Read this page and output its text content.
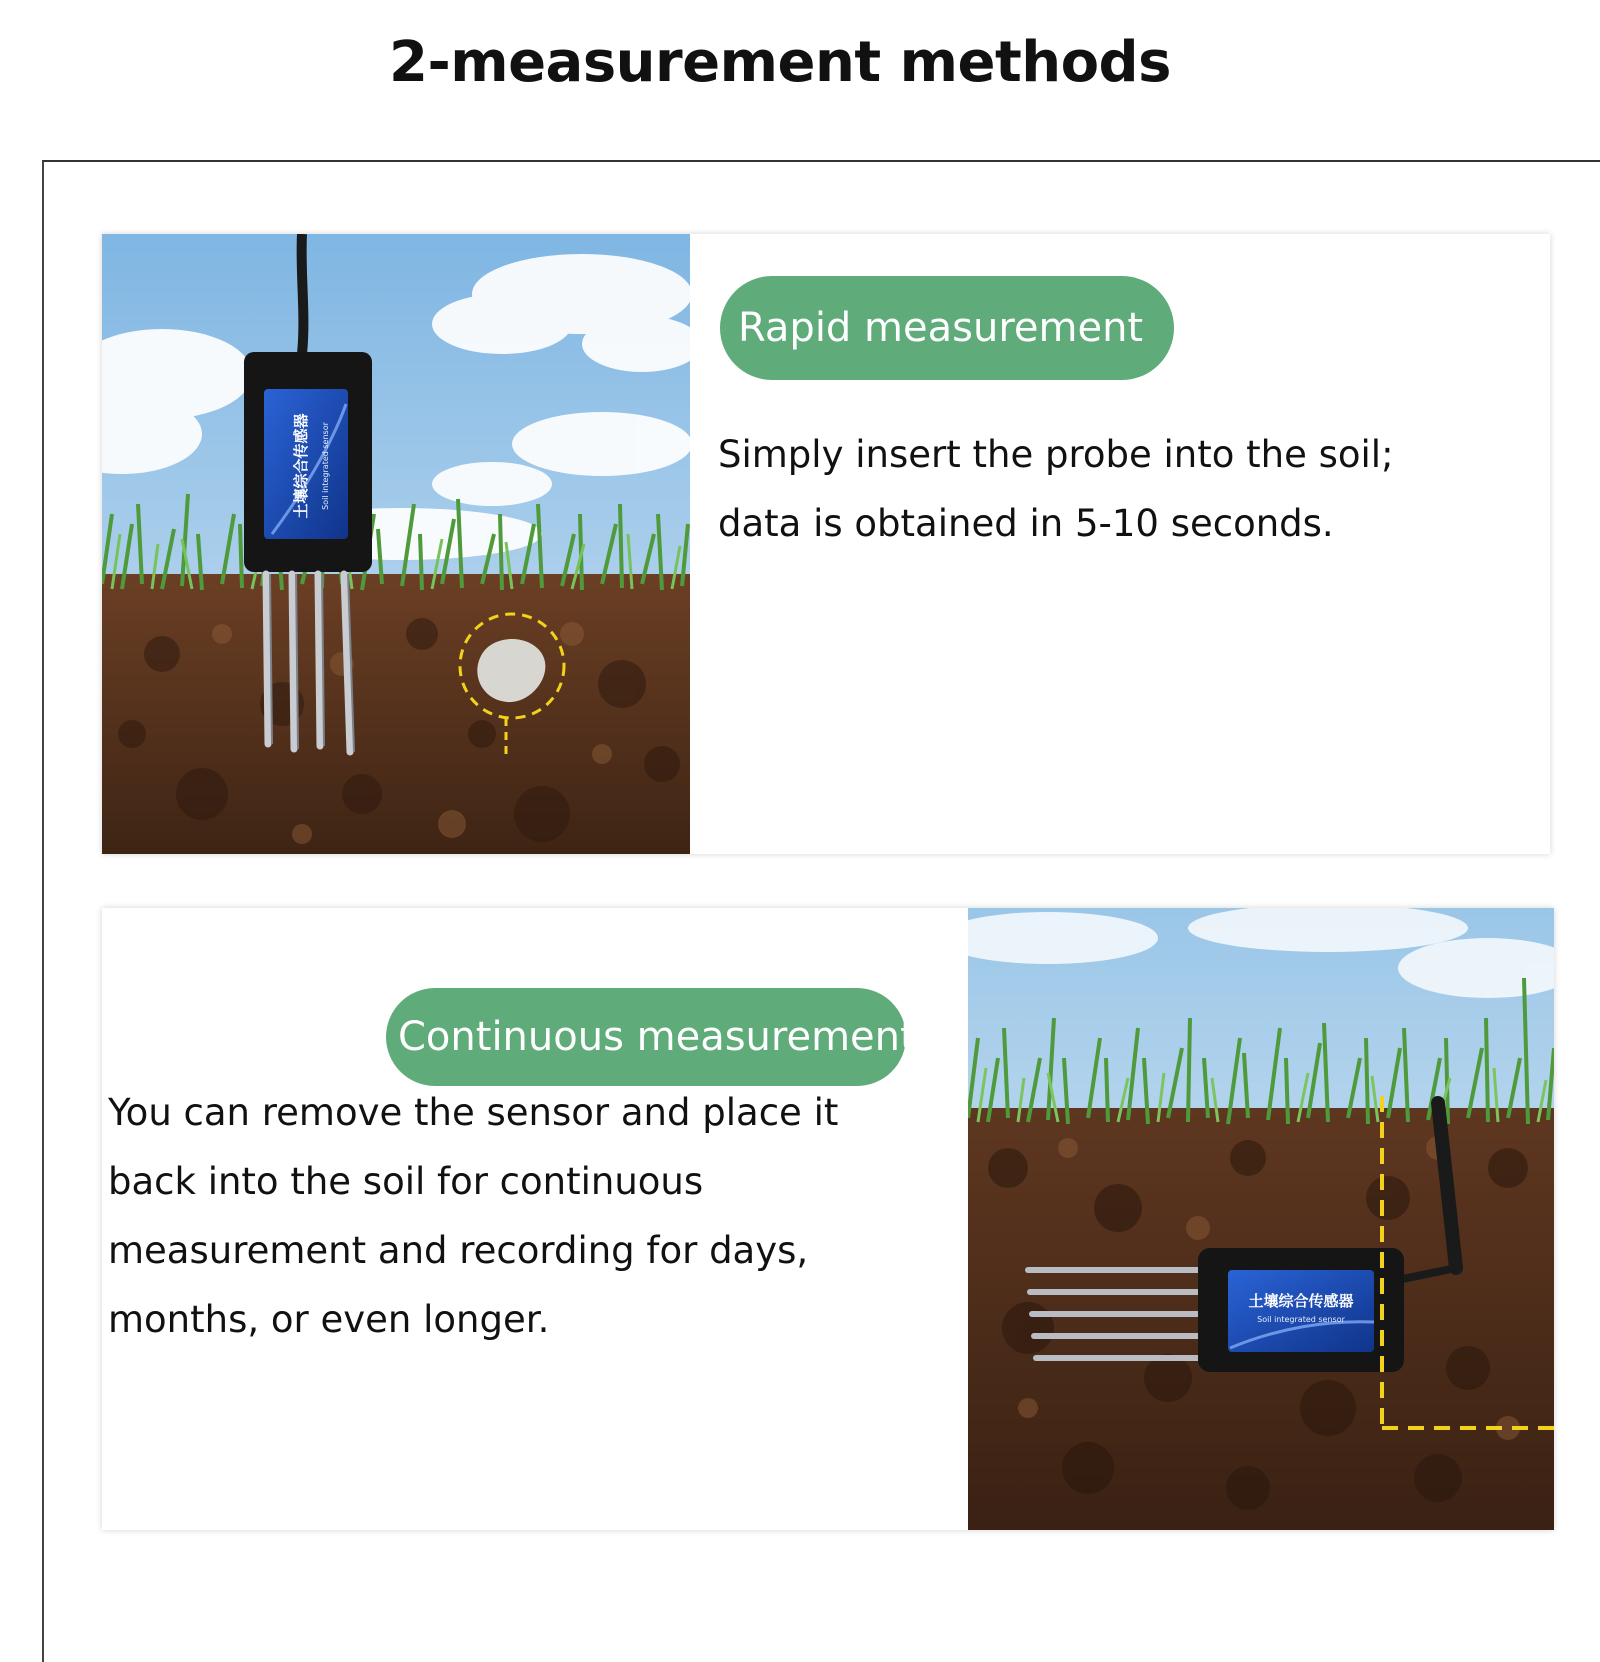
2-measurement methods
土壤综合传感器 Soil integrated sensor
Rapid measurement
Simply insert the probe into the soil;
data is obtained in 5-10 seconds.
Continuous measurement
You can remove the sensor and place it
back into the soil for continuous
measurement and recording for days,
months, or even longer.	土壤综合传感器
Soil integrated sensor
